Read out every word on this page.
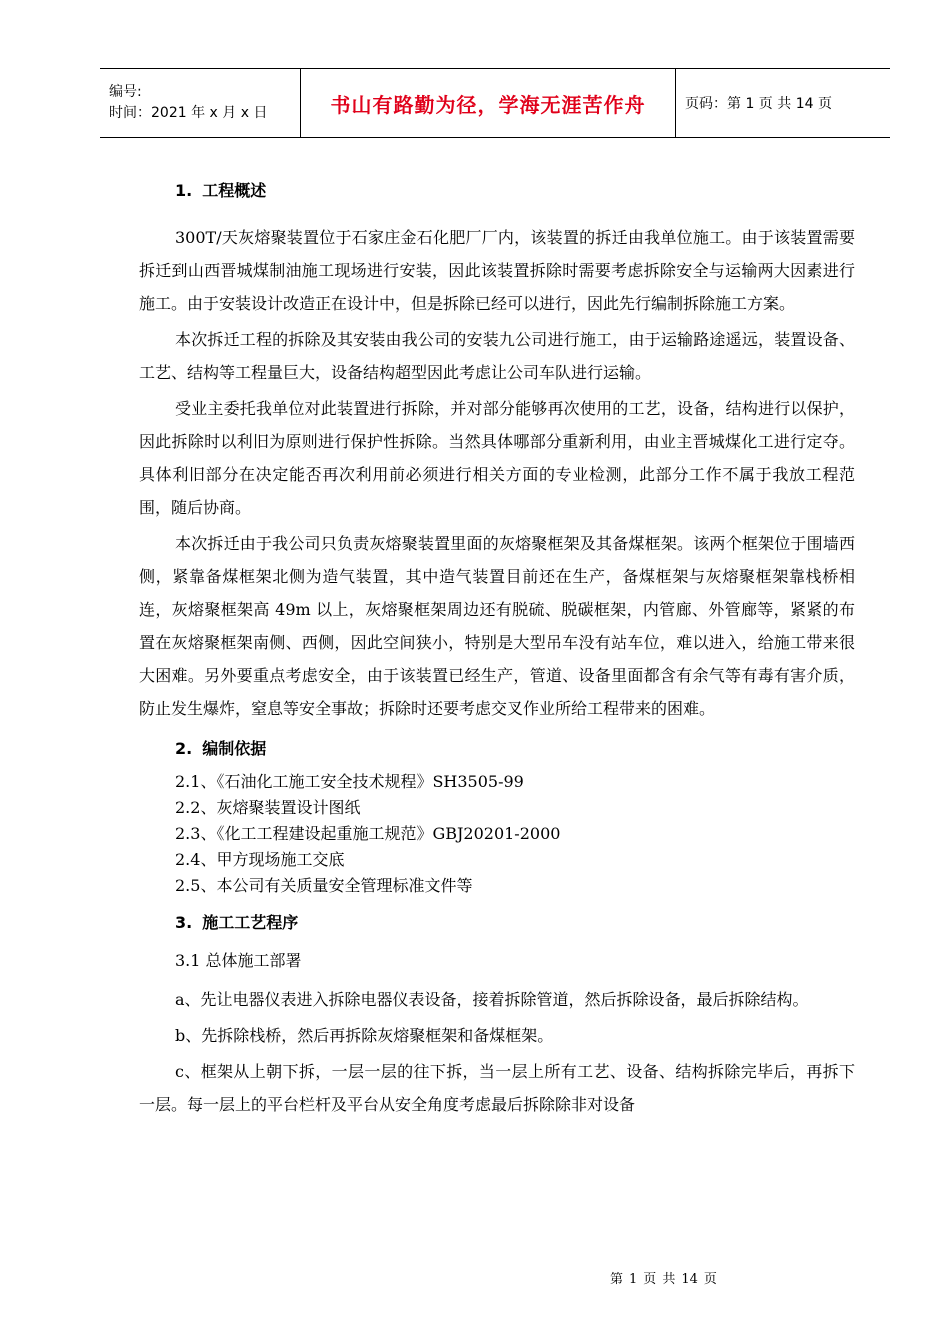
编号:
时间：2021 年 x 月 x 日	书山有路勤为径，学海无涯苦作舟	页码：第 1 页 共 14 页
1. 工程概述

300T/天灰熔聚装置位于石家庄金石化肥厂厂内，该装置的拆迁由我单位施工。由于该装置需要拆迁到山西晋城煤制油施工现场进行安装，因此该装置拆除时需要考虑拆除安全与运输两大因素进行施工。由于安装设计改造正在设计中，但是拆除已经可以进行，因此先行编制拆除施工方案。

本次拆迁工程的拆除及其安装由我公司的安装九公司进行施工，由于运输路途遥远，装置设备、工艺、结构等工程量巨大，设备结构超型因此考虑让公司车队进行运输。

受业主委托我单位对此装置进行拆除，并对部分能够再次使用的工艺，设备，结构进行以保护，因此拆除时以利旧为原则进行保护性拆除。当然具体哪部分重新利用，由业主晋城煤化工进行定夺。具体利旧部分在决定能否再次利用前必须进行相关方面的专业检测，此部分工作不属于我放工程范围，随后协商。

本次拆迁由于我公司只负责灰熔聚装置里面的灰熔聚框架及其备煤框架。该两个框架位于围墙西侧，紧靠备煤框架北侧为造气装置，其中造气装置目前还在生产，备煤框架与灰熔聚框架靠栈桥相连，灰熔聚框架高 49m 以上，灰熔聚框架周边还有脱硫、脱碳框架，内管廊、外管廊等，紧紧的布置在灰熔聚框架南侧、西侧，因此空间狭小，特别是大型吊车没有站车位，难以进入，给施工带来很大困难。另外要重点考虑安全，由于该装置已经生产，管道、设备里面都含有余气等有毒有害介质，防止发生爆炸，窒息等安全事故；拆除时还要考虑交叉作业所给工程带来的困难。

2. 编制依据
2.1、《石油化工施工安全技术规程》SH3505-99
2.2、灰熔聚装置设计图纸
2.3、《化工工程建设起重施工规范》GBJ20201-2000
2.4、甲方现场施工交底
2.5、本公司有关质量安全管理标准文件等
3. 施工工艺程序
3.1 总体施工部署

a、先让电器仪表进入拆除电器仪表设备，接着拆除管道，然后拆除设备，最后拆除结构。

b、先拆除栈桥，然后再拆除灰熔聚框架和备煤框架。

c、框架从上朝下拆，一层一层的往下拆，当一层上所有工艺、设备、结构拆除完毕后，再拆下一层。每一层上的平台栏杆及平台从安全角度考虑最后拆除除非对设备

第 1 页 共 14 页
